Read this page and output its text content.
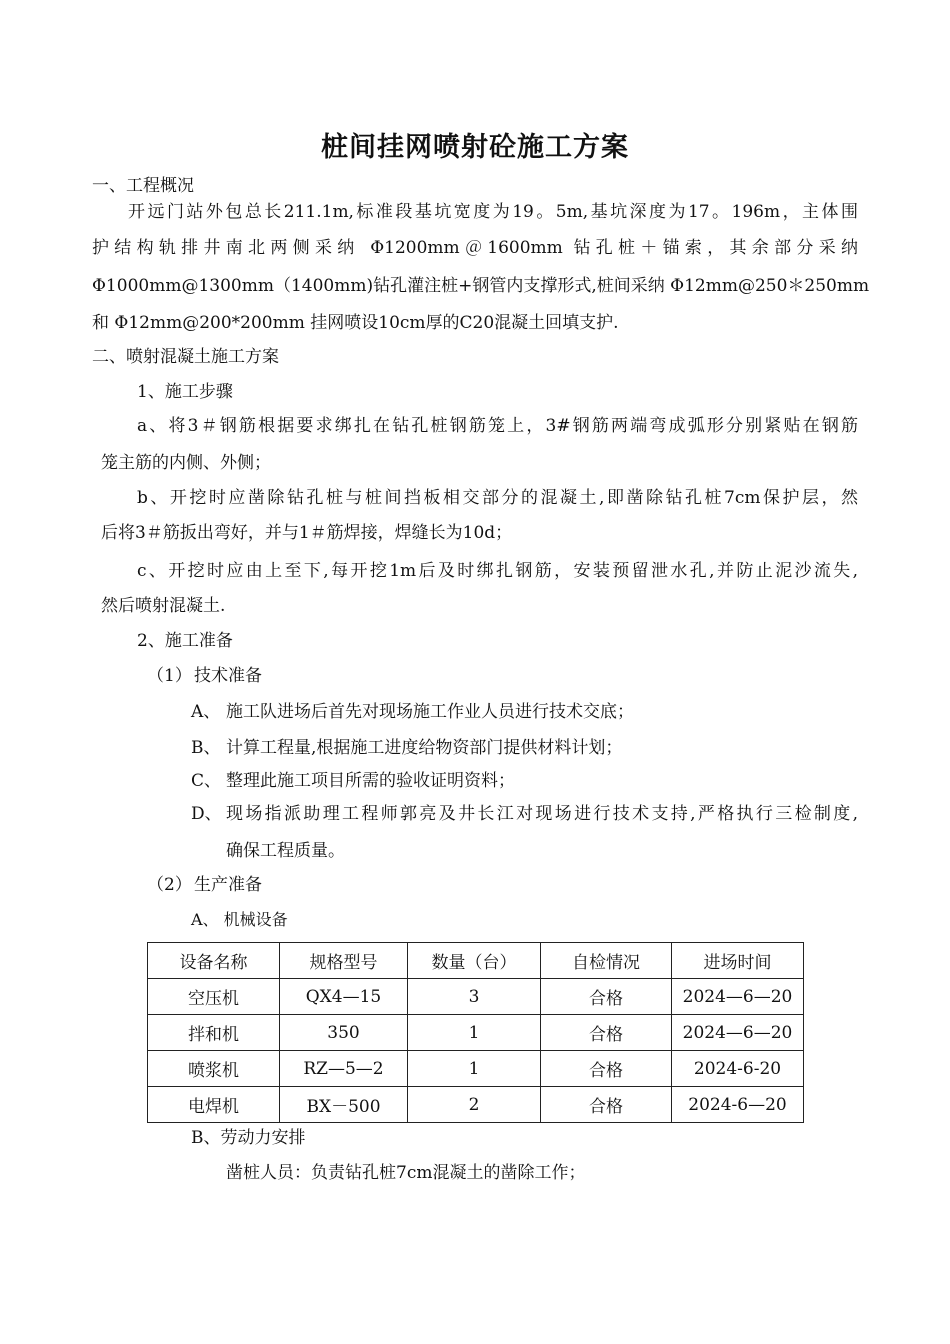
桩间挂网喷射砼施工方案
一、工程概况
开远门站外包总长211.1m,标准段基坑宽度为19。5m,基坑深度为17。196m，主体围
护结构轨排井南北两侧采纳 Φ1200mm＠1600mm 钻孔桩＋锚索，其余部分采纳
Φ1000mm@1300mm（1400mm)钻孔灌注桩+钢管内支撑形式,桩间采纳 Φ12mm@250＊250mm
和 Φ12mm@200*200mm 挂网喷设10cm厚的C20混凝土回填支护.
二、喷射混凝土施工方案
1、施工步骤
a、将3＃钢筋根据要求绑扎在钻孔桩钢筋笼上，3#钢筋两端弯成弧形分别紧贴在钢筋
笼主筋的内侧、外侧；
b、开挖时应凿除钻孔桩与桩间挡板相交部分的混凝土,即凿除钻孔桩7cm保护层，然
后将3＃筋扳出弯好，并与1＃筋焊接，焊缝长为10d；
c、开挖时应由上至下,每开挖1m后及时绑扎钢筋，安装预留泄水孔,并防止泥沙流失,
然后喷射混凝土.
2、施工准备
（1） 技术准备
A、 施工队进场后首先对现场施工作业人员进行技术交底；
B、 计算工程量,根据施工进度给物资部门提供材料计划；
C、 整理此施工项目所需的验收证明资料；
D、 现场指派助理工程师郭亮及井长江对现场进行技术支持,严格执行三检制度,
确保工程质量。
（2） 生产准备
A、 机械设备
设备名称	规格型号	数量（台）	自检情况	进场时间
空压机	QX4—15	3	合格	2024—6—20
拌和机	350	1	合格	2024—6—20
喷浆机	RZ—5—2	1	合格	2024-6-20
电焊机	BX－500	2	合格	2024-6—20
B、劳动力安排
凿桩人员：负责钻孔桩7cm混凝土的凿除工作；
